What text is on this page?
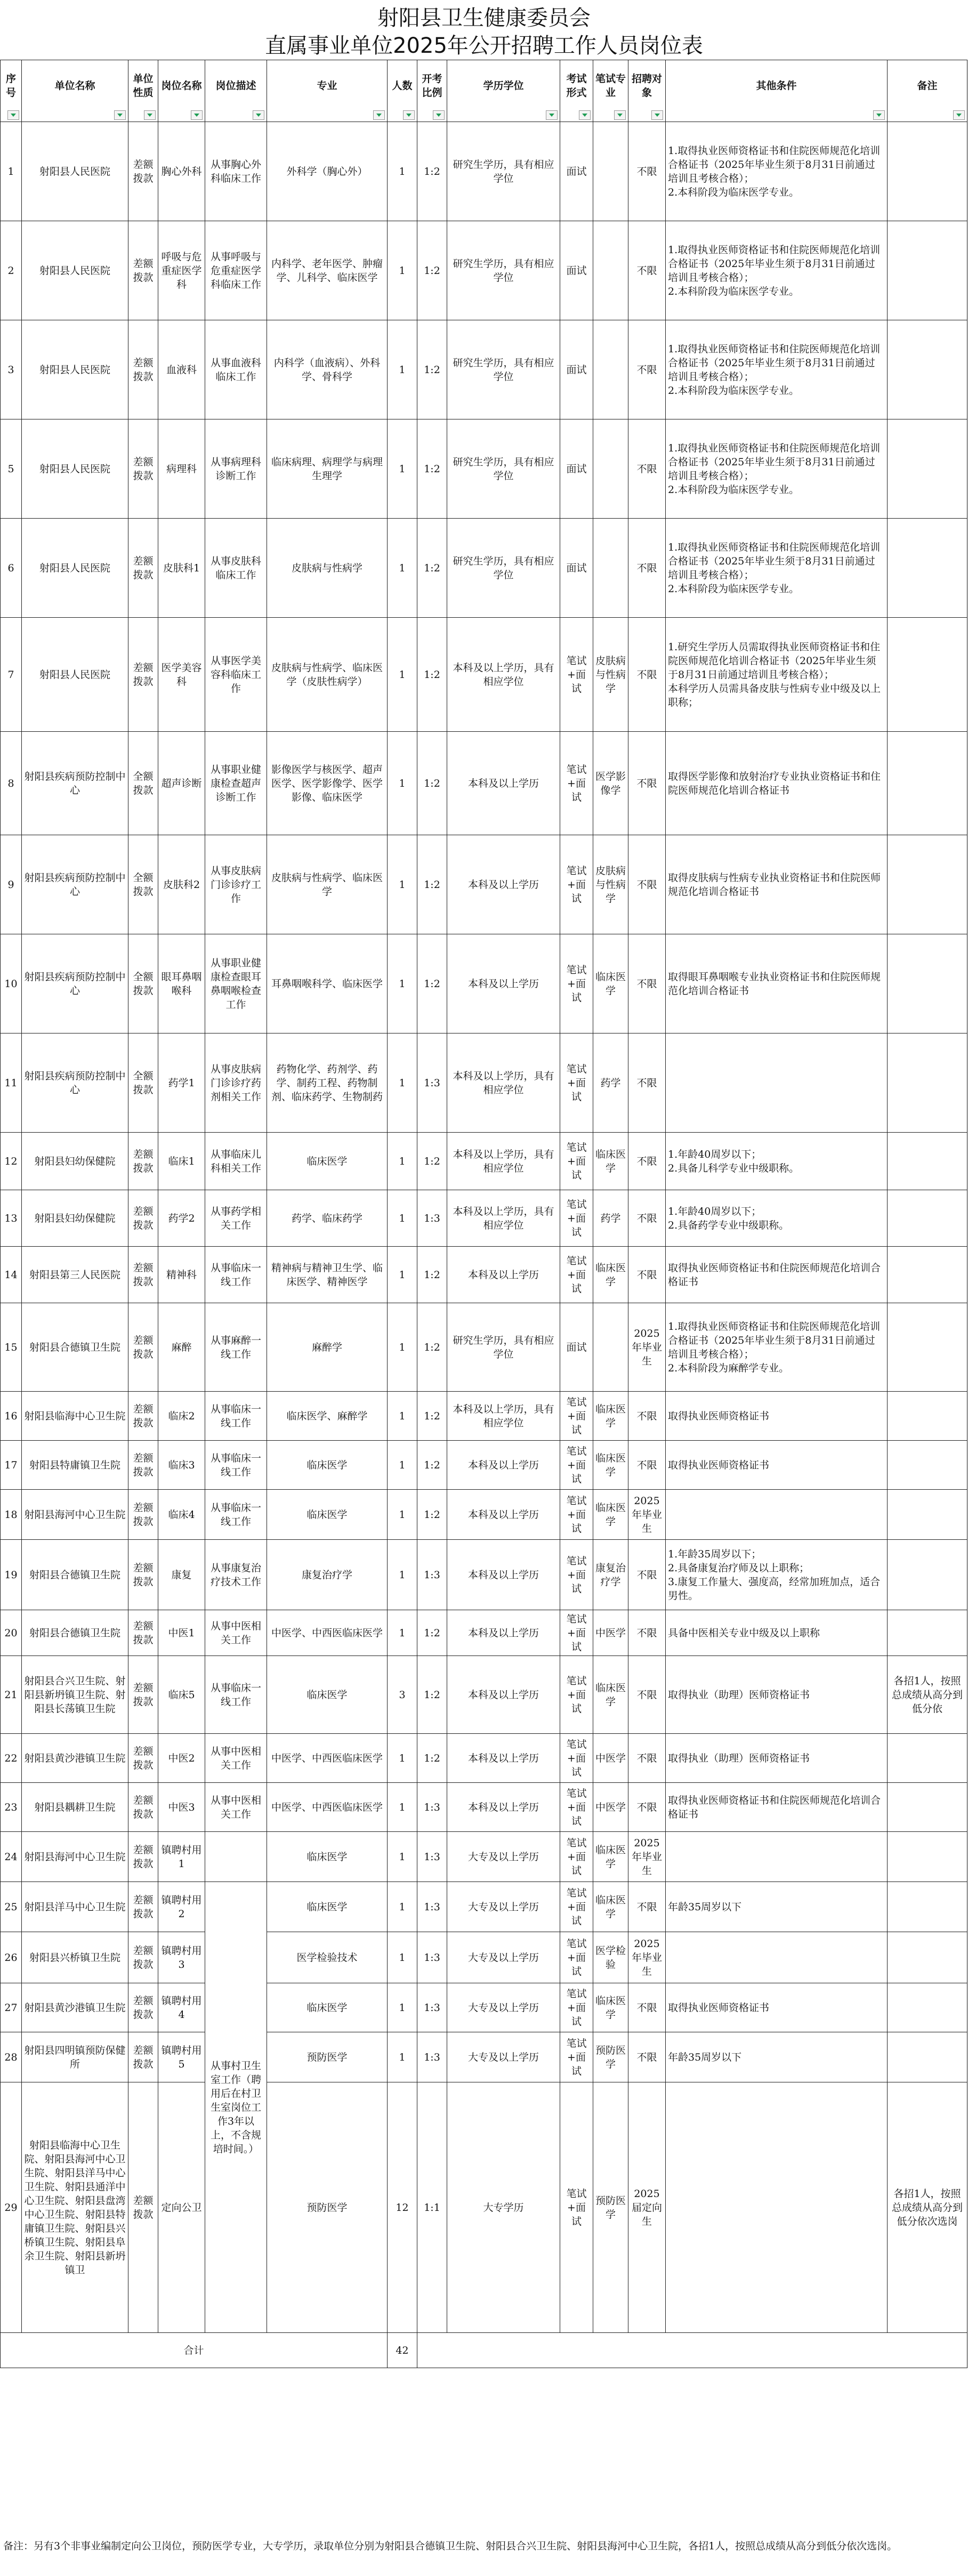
射阳县卫生健康委员会
直属事业单位2025年公开招聘工作人员岗位表
序号	单位名称	单位性质	岗位名称	岗位描述	专业	人数	开考比例	学历学位	考试形式	笔试专业	招聘对象	其他条件	备注

1	射阳县人民医院	差额拨款	胸心外科	从事胸心外科临床工作	外科学（胸心外）	1	1:2	研究生学历，具有相应学位	面试		不限	1.取得执业医师资格证书和住院医师规范化培训合格证书（2025年毕业生须于8月31日前通过培训且考核合格）；
2.本科阶段为临床医学专业。	
2	射阳县人民医院	差额拨款	呼吸与危重症医学科	从事呼吸与危重症医学科临床工作	内科学、老年医学、肿瘤学、儿科学、临床医学	1	1:2	研究生学历，具有相应学位	面试		不限	1.取得执业医师资格证书和住院医师规范化培训合格证书（2025年毕业生须于8月31日前通过培训且考核合格）；
2.本科阶段为临床医学专业。	
3	射阳县人民医院	差额拨款	血液科	从事血液科临床工作	内科学（血液病）、外科学、骨科学	1	1:2	研究生学历，具有相应学位	面试		不限	1.取得执业医师资格证书和住院医师规范化培训合格证书（2025年毕业生须于8月31日前通过培训且考核合格）；
2.本科阶段为临床医学专业。	
5	射阳县人民医院	差额拨款	病理科	从事病理科诊断工作	临床病理、病理学与病理生理学	1	1:2	研究生学历，具有相应学位	面试		不限	1.取得执业医师资格证书和住院医师规范化培训合格证书（2025年毕业生须于8月31日前通过培训且考核合格）；
2.本科阶段为临床医学专业。	
6	射阳县人民医院	差额拨款	皮肤科1	从事皮肤科临床工作	皮肤病与性病学	1	1:2	研究生学历，具有相应学位	面试		不限	1.取得执业医师资格证书和住院医师规范化培训合格证书（2025年毕业生须于8月31日前通过培训且考核合格）；
2.本科阶段为临床医学专业。	
7	射阳县人民医院	差额拨款	医学美容科	从事医学美容科临床工作	皮肤病与性病学、临床医学（皮肤性病学）	1	1:2	本科及以上学历，具有相应学位	笔试+面试	皮肤病与性病学	不限	1.研究生学历人员需取得执业医师资格证书和住院医师规范化培训合格证书（2025年毕业生须于8月31日前通过培训且考核合格）；
本科学历人员需具备皮肤与性病专业中级及以上职称；	
8	射阳县疾病预防控制中心	全额拨款	超声诊断	从事职业健康检查超声诊断工作	影像医学与核医学、超声医学、医学影像学、医学影像、临床医学	1	1:2	本科及以上学历	笔试+面试	医学影像学	不限	取得医学影像和放射治疗专业执业资格证书和住院医师规范化培训合格证书	
9	射阳县疾病预防控制中心	全额拨款	皮肤科2	从事皮肤病门诊诊疗工作	皮肤病与性病学、临床医学	1	1:2	本科及以上学历	笔试+面试	皮肤病与性病学	不限	取得皮肤病与性病专业执业资格证书和住院医师规范化培训合格证书	
10	射阳县疾病预防控制中心	全额拨款	眼耳鼻咽喉科	从事职业健康检查眼耳鼻咽喉检查工作	耳鼻咽喉科学、临床医学	1	1:2	本科及以上学历	笔试+面试	临床医学	不限	取得眼耳鼻咽喉专业执业资格证书和住院医师规范化培训合格证书	
11	射阳县疾病预防控制中心	全额拨款	药学1	从事皮肤病门诊诊疗药剂相关工作	药物化学、药剂学、药学、制药工程、药物制剂、临床药学、生物制药	1	1:3	本科及以上学历，具有相应学位	笔试+面试	药学	不限		
12	射阳县妇幼保健院	差额拨款	临床1	从事临床儿科相关工作	临床医学	1	1:2	本科及以上学历，具有相应学位	笔试+面试	临床医学	不限	1.年龄40周岁以下；
2.具备儿科学专业中级职称。	
13	射阳县妇幼保健院	差额拨款	药学2	从事药学相关工作	药学、临床药学	1	1:3	本科及以上学历，具有相应学位	笔试+面试	药学	不限	1.年龄40周岁以下；
2.具备药学专业中级职称。	
14	射阳县第三人民医院	差额拨款	精神科	从事临床一线工作	精神病与精神卫生学、临床医学、精神医学	1	1:2	本科及以上学历	笔试+面试	临床医学	不限	取得执业医师资格证书和住院医师规范化培训合格证书	
15	射阳县合德镇卫生院	差额拨款	麻醉	从事麻醉一线工作	麻醉学	1	1:2	研究生学历，具有相应学位	面试		2025年毕业生	1.取得执业医师资格证书和住院医师规范化培训合格证书（2025年毕业生须于8月31日前通过培训且考核合格）；
2.本科阶段为麻醉学专业。	
16	射阳县临海中心卫生院	差额拨款	临床2	从事临床一线工作	临床医学、麻醉学	1	1:2	本科及以上学历，具有相应学位	笔试+面试	临床医学	不限	取得执业医师资格证书	
17	射阳县特庸镇卫生院	差额拨款	临床3	从事临床一线工作	临床医学	1	1:2	本科及以上学历	笔试+面试	临床医学	不限	取得执业医师资格证书	
18	射阳县海河中心卫生院	差额拨款	临床4	从事临床一线工作	临床医学	1	1:2	本科及以上学历	笔试+面试	临床医学	2025年毕业生		
19	射阳县合德镇卫生院	差额拨款	康复	从事康复治疗技术工作	康复治疗学	1	1:3	本科及以上学历	笔试+面试	康复治疗学	不限	1.年龄35周岁以下；
2.具备康复治疗师及以上职称；
3.康复工作量大、强度高，经常加班加点，适合男性。	
20	射阳县合德镇卫生院	差额拨款	中医1	从事中医相关工作	中医学、中西医临床医学	1	1:2	本科及以上学历	笔试+面试	中医学	不限	具备中医相关专业中级及以上职称	
21	射阳县合兴卫生院、射阳县新坍镇卫生院、射阳县长荡镇卫生院	差额拨款	临床5	从事临床一线工作	临床医学	3	1:2	本科及以上学历	笔试+面试	临床医学	不限	取得执业（助理）医师资格证书	各招1人，按照总成绩从高分到低分依
22	射阳县黄沙港镇卫生院	差额拨款	中医2	从事中医相关工作	中医学、中西医临床医学	1	1:2	本科及以上学历	笔试+面试	中医学	不限	取得执业（助理）医师资格证书	
23	射阳县耦耕卫生院	差额拨款	中医3	从事中医相关工作	中医学、中西医临床医学	1	1:3	本科及以上学历	笔试+面试	中医学	不限	取得执业医师资格证书和住院医师规范化培训合格证书	
24	射阳县海河中心卫生院	差额拨款	镇聘村用1		临床医学	1	1:3	大专及以上学历	笔试+面试	临床医学	2025年毕业生		
25	射阳县洋马中心卫生院	差额拨款	镇聘村用2	从事村卫生室工作（聘用后在村卫生室岗位工作3年以上，不含规培时间。）	临床医学	1	1:3	大专及以上学历	笔试+面试	临床医学	不限	年龄35周岁以下	
26	射阳县兴桥镇卫生院	差额拨款	镇聘村用3		医学检验技术	1	1:3	大专及以上学历	笔试+面试	医学检验	2025年毕业生		
27	射阳县黄沙港镇卫生院	差额拨款	镇聘村用4		临床医学	1	1:3	大专及以上学历	笔试+面试	临床医学	不限	取得执业医师资格证书	
28	射阳县四明镇预防保健所	差额拨款	镇聘村用5		预防医学	1	1:3	大专及以上学历	笔试+面试	预防医学	不限	年龄35周岁以下	
29	射阳县临海中心卫生院、射阳县海河中心卫生院、射阳县洋马中心卫生院、射阳县通洋中心卫生院、射阳县盘湾中心卫生院、射阳县特庸镇卫生院、射阳县兴桥镇卫生院、射阳县阜余卫生院、射阳县新坍镇卫	差额拨款	定向公卫		预防医学	12	1:1	大专学历	笔试+面试	预防医学	2025届定向生		各招1人，按照总成绩从高分到低分依次选岗
合计						42							
备注：另有3个非事业编制定向公卫岗位，预防医学专业，大专学历，录取单位分别为射阳县合德镇卫生院、射阳县合兴卫生院、射阳县海河中心卫生院，各招1人，按照总成绩从高分到低分依次选岗。
